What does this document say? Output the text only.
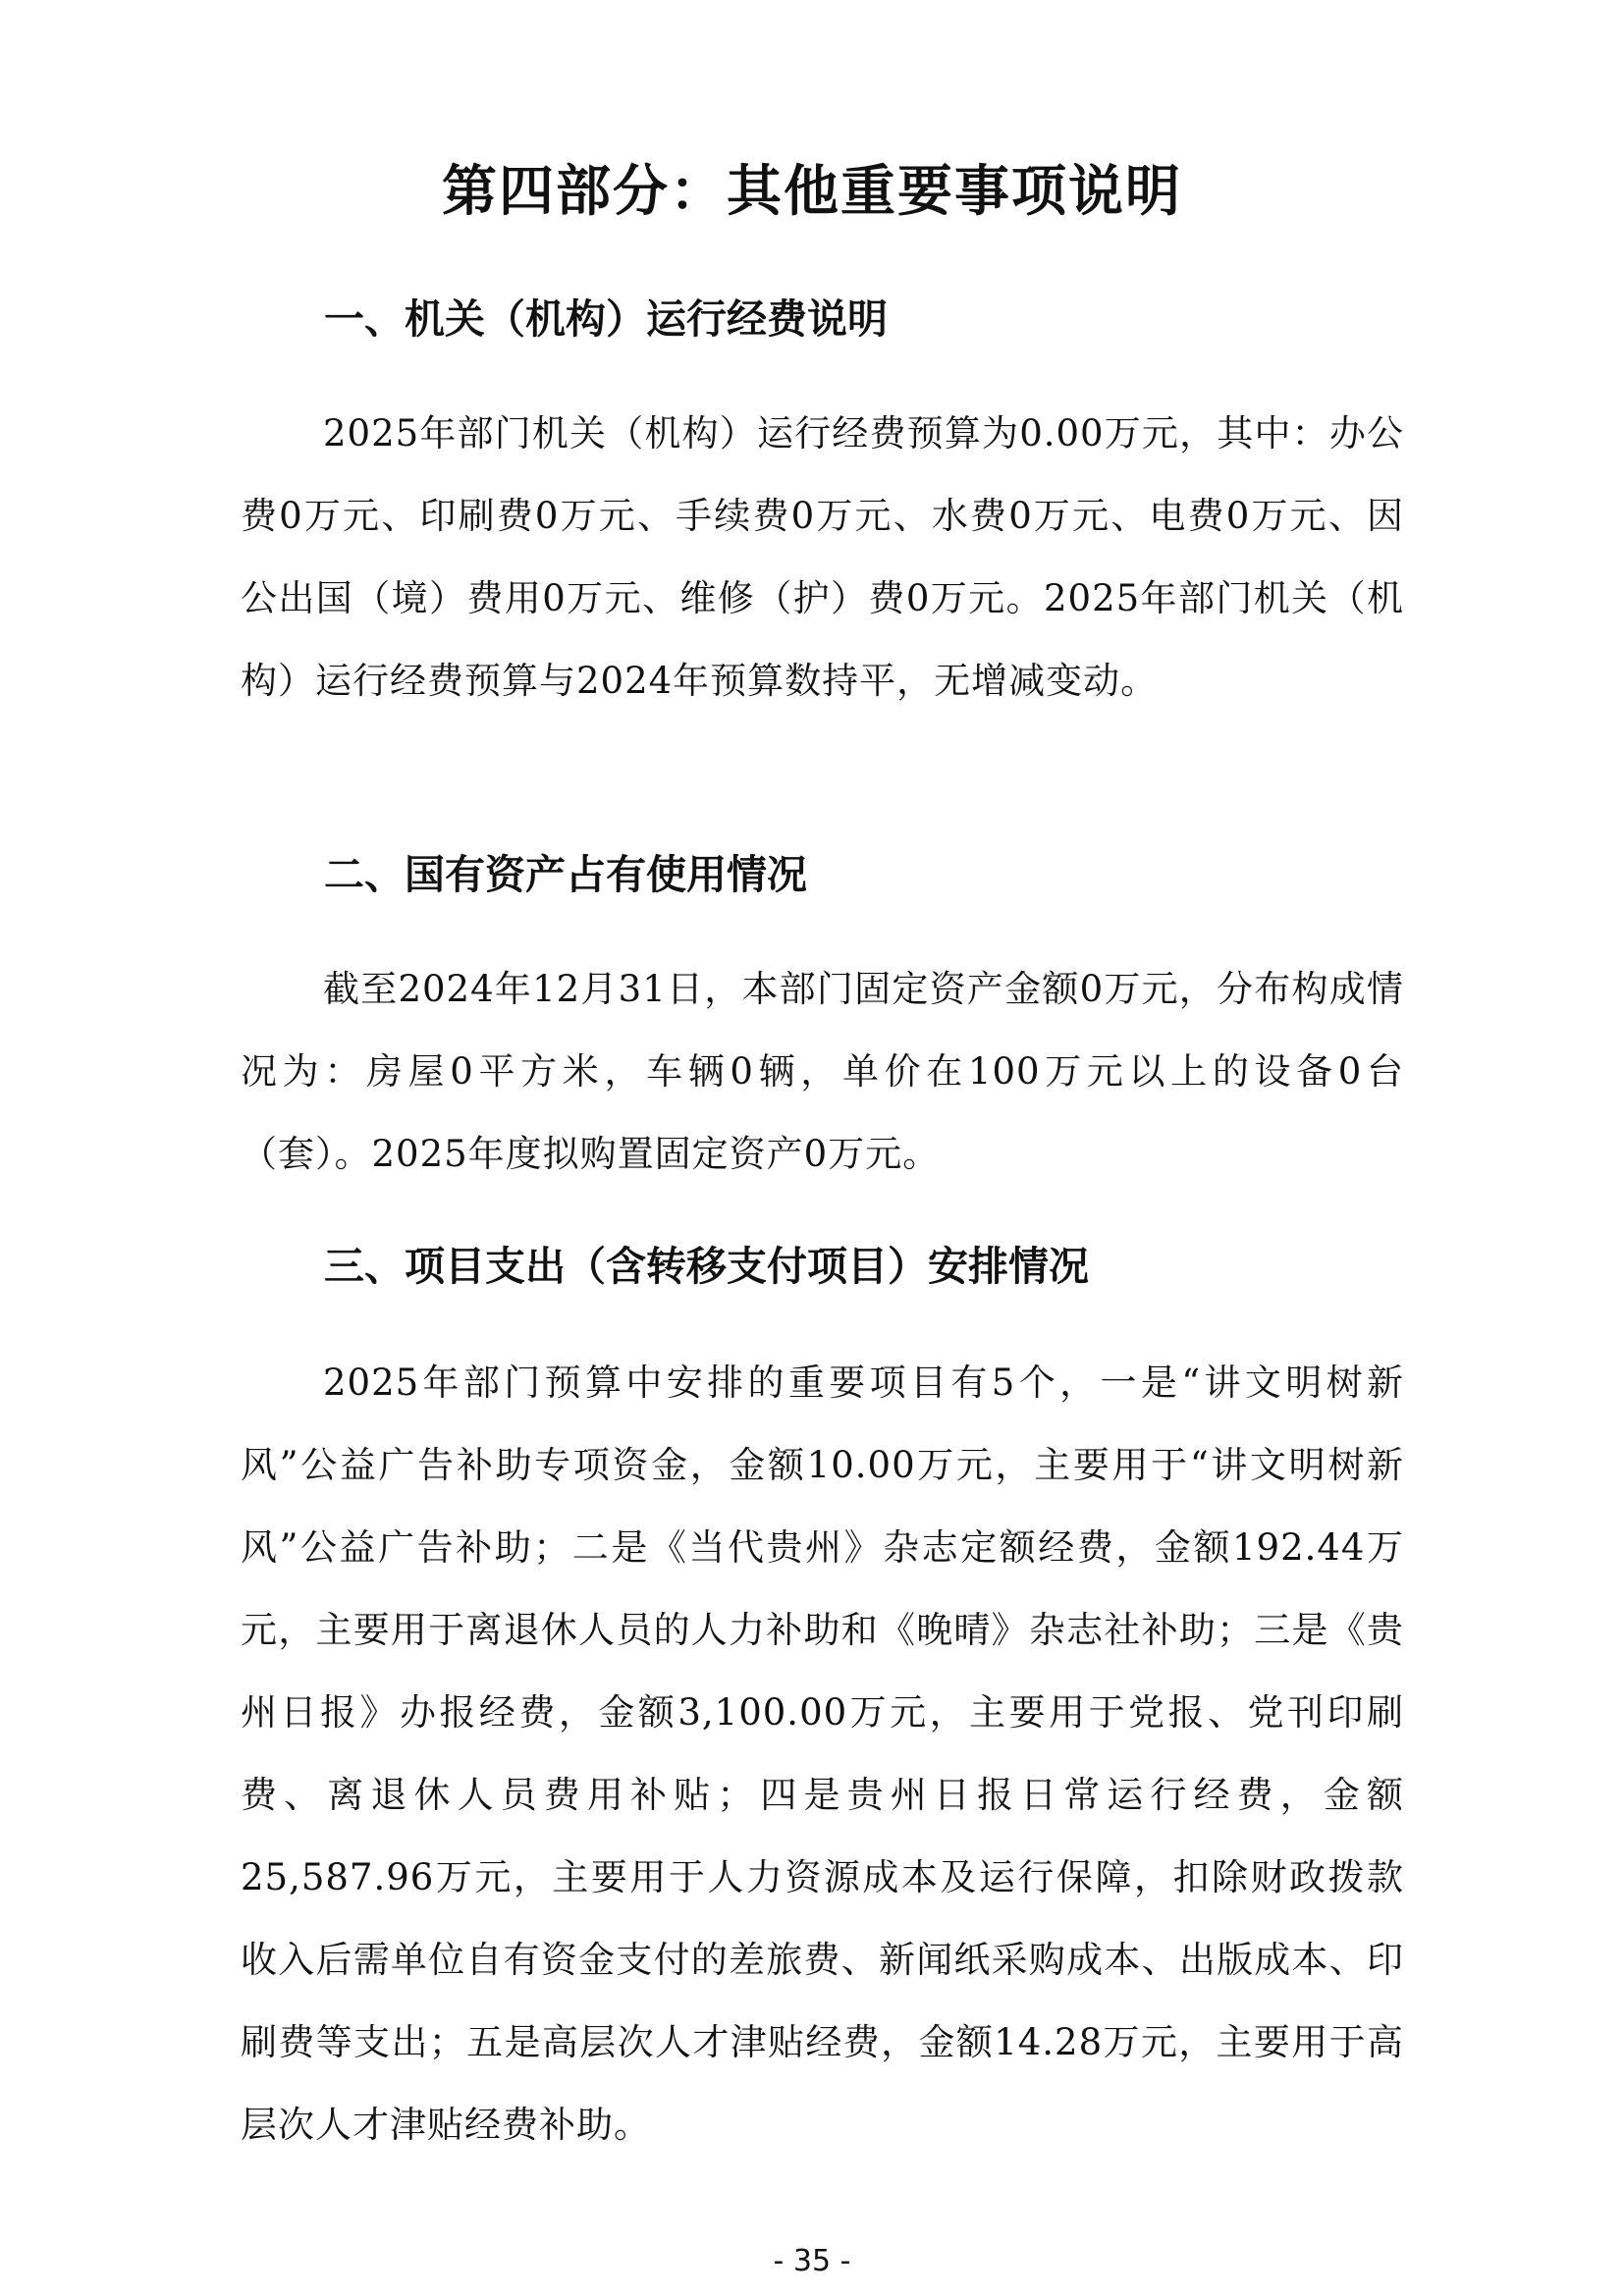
第四部分：其他重要事项说明
一、机关（机构）运行经费说明

2025年部门机关（机构）运行经费预算为0.00万元，其中：办公费0万元、印刷费0万元、手续费0万元、水费0万元、电费0万元、因公出国（境）费用0万元、维修（护）费0万元。2025年部门机关（机构）运行经费预算与2024年预算数持平，无增减变动。

二、国有资产占有使用情况

截至2024年12月31日，本部门固定资产金额0万元，分布构成情况为：房屋0平方米，车辆0辆，单价在100万元以上的设备0台（套）。2025年度拟购置固定资产0万元。

三、项目支出（含转移支付项目）安排情况

2025年部门预算中安排的重要项目有5个，一是“讲文明树新风”公益广告补助专项资金，金额10.00万元，主要用于“讲文明树新风”公益广告补助；二是《当代贵州》杂志定额经费，金额192.44万元，主要用于离退休人员的人力补助和《晚晴》杂志社补助；三是《贵州日报》办报经费，金额3,100.00万元，主要用于党报、党刊印刷费、离退休人员费用补贴；四是贵州日报日常运行经费，金额25,587.96万元，主要用于人力资源成本及运行保障，扣除财政拨款收入后需单位自有资金支付的差旅费、新闻纸采购成本、出版成本、印刷费等支出；五是高层次人才津贴经费，金额14.28万元，主要用于高层次人才津贴经费补助。

- 35 -
